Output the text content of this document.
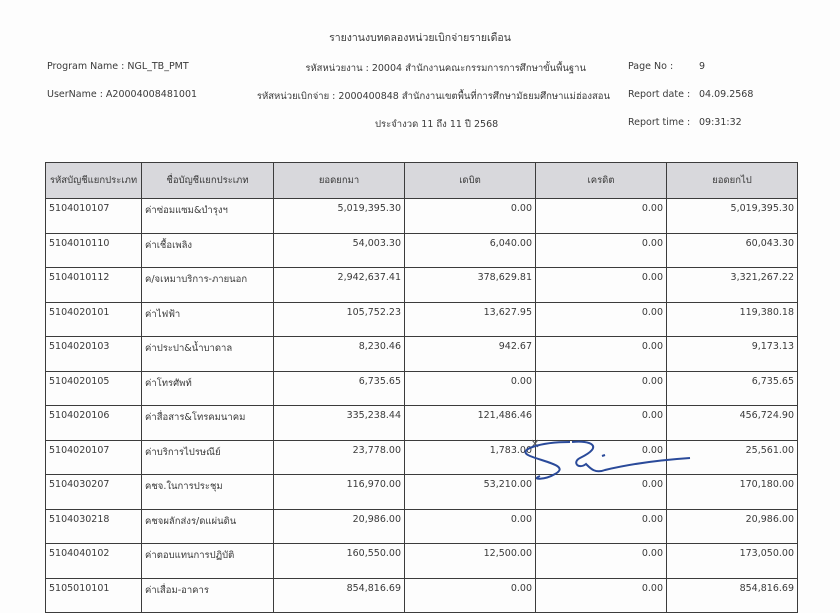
รายงานงบทดลองหน่วยเบิกจ่ายรายเดือน
Program Name : NGL_TB_PMT
UserName : A20004008481001
รหัสหน่วยงาน : 20004 สำนักงานคณะกรรมการการศึกษาขั้นพื้นฐาน
รหัสหน่วยเบิกจ่าย : 2000400848 สำนักงานเขตพื้นที่การศึกษามัธยมศึกษาแม่ฮ่องสอน
ประจำงวด 11 ถึง 11 ปี 2568
Page No :	9
Report date : 04.09.2568
Report time : 09:31:32
รหัสบัญชีแยกประเภท	ชื่อบัญชีแยกประเภท	ยอดยกมา	เดบิต	เครดิต	ยอดยกไป
5104010107	ค่าซ่อมแซม&บำรุงฯ	5,019,395.30	0.00	0.00	5,019,395.30
5104010110	ค่าเชื้อเพลิง	54,003.30	6,040.00	0.00	60,043.30
5104010112	ค/จเหมาบริการ-ภายนอก	2,942,637.41	378,629.81	0.00	3,321,267.22
5104020101	ค่าไฟฟ้า	105,752.23	13,627.95	0.00	119,380.18
5104020103	ค่าประปา&น้ำบาดาล	8,230.46	942.67	0.00	9,173.13
5104020105	ค่าโทรศัพท์	6,735.65	0.00	0.00	6,735.65
5104020106	ค่าสื่อสาร&โทรคมนาคม	335,238.44	121,486.46	0.00	456,724.90
5104020107	ค่าบริการไปรษณีย์	23,778.00	1,783.00	0.00	25,561.00
5104030207	คชจ.ในการประชุม	116,970.00	53,210.00	0.00	170,180.00
5104030218	คชจผลักส่งร/ดแผ่นดิน	20,986.00	0.00	0.00	20,986.00
5104040102	ค่าตอบแทนการปฏิบัติ	160,550.00	12,500.00	0.00	173,050.00
5105010101	ค่าเสื่อม-อาคาร	854,816.69	0.00	0.00	854,816.69
